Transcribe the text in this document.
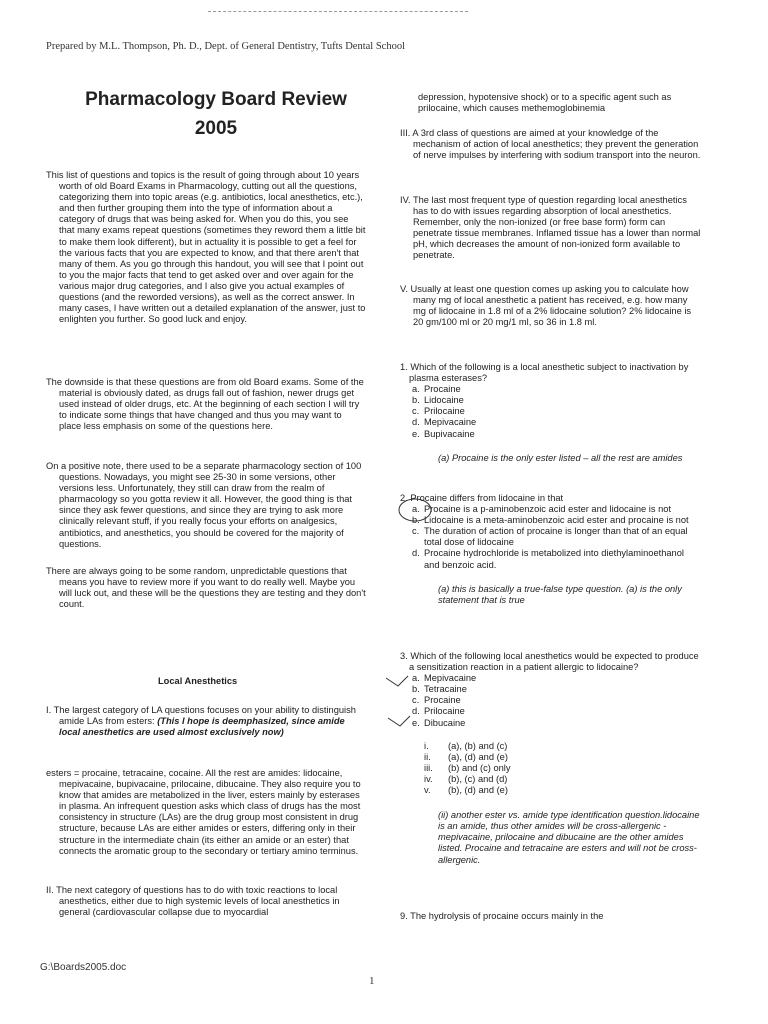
Prepared by M.L. Thompson, Ph. D., Dept. of General Dentistry, Tufts Dental School
Pharmacology Board Review
2005

This list of questions and topics is the result of going through about 10 years worth of old Board Exams in Pharmacology, cutting out all the questions, categorizing them into topic areas (e.g. antibiotics, local anesthetics, etc.), and then further grouping them into the type of information about a category of drugs that was being asked for. When you do this, you see that many exams repeat questions (sometimes they reword them a little bit to make them look different), but in actuality it is possible to get a feel for the various facts that you are expected to know, and that there aren't that many of them. As you go through this handout, you will see that I point out to you the major facts that tend to get asked over and over again for the various major drug categories, and I also give you actual examples of questions (and the reworded versions), as well as the correct answer. In many cases, I have written out a detailed explanation of the answer, just to enlighten you further. So good luck and enjoy.

The downside is that these questions are from old Board exams. Some of the material is obviously dated, as drugs fall out of fashion, newer drugs get used instead of older drugs, etc. At the beginning of each section I will try to indicate some things that have changed and thus you may want to place less emphasis on some of the questions here.

On a positive note, there used to be a separate pharmacology section of 100 questions. Nowadays, you might see 25-30 in some versions, other versions less. Unfortunately, they still can draw from the realm of pharmacology so you gotta review it all. However, the good thing is that since they ask fewer questions, and since they are trying to ask more clinically relevant stuff, if you really focus your efforts on analgesics, antibiotics, and anesthetics, you should be covered for the majority of questions.

There are always going to be some random, unpredictable questions that means you have to review more if you want to do really well. Maybe you will luck out, and these will be the questions they are testing and they don't count.

Local Anesthetics

I. The largest category of LA questions focuses on your ability to distinguish amide LAs from esters: (This I hope is deemphasized, since amide local anesthetics are used almost exclusively now)

esters = procaine, tetracaine, cocaine. All the rest are amides: lidocaine, mepivacaine, bupivacaine, prilocaine, dibucaine. They also require you to know that amides are metabolized in the liver, esters mainly by esterases in plasma. An infrequent question asks which class of drugs has the most consistency in structure (LAs) are the drug group most consistent in drug structure, because LAs are either amides or esters, differing only in their structure in the intermediate chain (its either an amide or an ester) that connects the aromatic group to the secondary or tertiary amino terminus.

II. The next category of questions has to do with toxic reactions to local anesthetics, either due to high systemic levels of local anesthetics in general (cardiovascular collapse due to myocardial

depression, hypotensive shock) or to a specific agent such as prilocaine, which causes methemoglobinemia

III. A 3rd class of questions are aimed at your knowledge of the mechanism of action of local anesthetics; they prevent the generation of nerve impulses by interfering with sodium transport into the neuron.

IV. The last most frequent type of question regarding local anesthetics has to do with issues regarding absorption of local anesthetics. Remember, only the non-ionized (or free base form) form can penetrate tissue membranes. Inflamed tissue has a lower than normal pH, which decreases the amount of non-ionized form available to penetrate.

V. Usually at least one question comes up asking you to calculate how many mg of local anesthetic a patient has received, e.g. how many mg of lidocaine in 1.8 ml of a 2% lidocaine solution? 2% lidocaine is 20 gm/100 ml or 20 mg/1 ml, so 36 in 1.8 ml.

1. Which of the following is a local anesthetic subject to inactivation by plasma esterases?

a. Procaine

b. Lidocaine

c. Prilocaine

d. Mepivacaine

e. Bupivacaine

(a) Procaine is the only ester listed – all the rest are amides

2. Procaine differs from lidocaine in that

a. Procaine is a p-aminobenzoic acid ester and lidocaine is not

b. Lidocaine is a meta-aminobenzoic acid ester and procaine is not

c. The duration of action of procaine is longer than that of an equal total dose of lidocaine

d. Procaine hydrochloride is metabolized into diethylaminoethanol and benzoic acid.

(a) this is basically a true-false type question. (a) is the only statement that is true

3. Which of the following local anesthetics would be expected to produce a sensitization reaction in a patient allergic to lidocaine?

a. Mepivacaine

b. Tetracaine

c. Procaine

d. Prilocaine

e. Dibucaine

i. (a), (b) and (c)

ii. (a), (d) and (e)

iii. (b) and (c) only

iv. (b), (c) and (d)

v. (b), (d) and (e)

(ii) another ester vs. amide type identification question.lidocaine is an amide, thus other amides will be cross-allergenic - mepivacaine, prilocaine and dibucaine are the other amides listed. Procaine and tetracaine are esters and will not be cross-allergenic.

9. The hydrolysis of procaine occurs mainly in the
G:\Boards2005.doc
1
